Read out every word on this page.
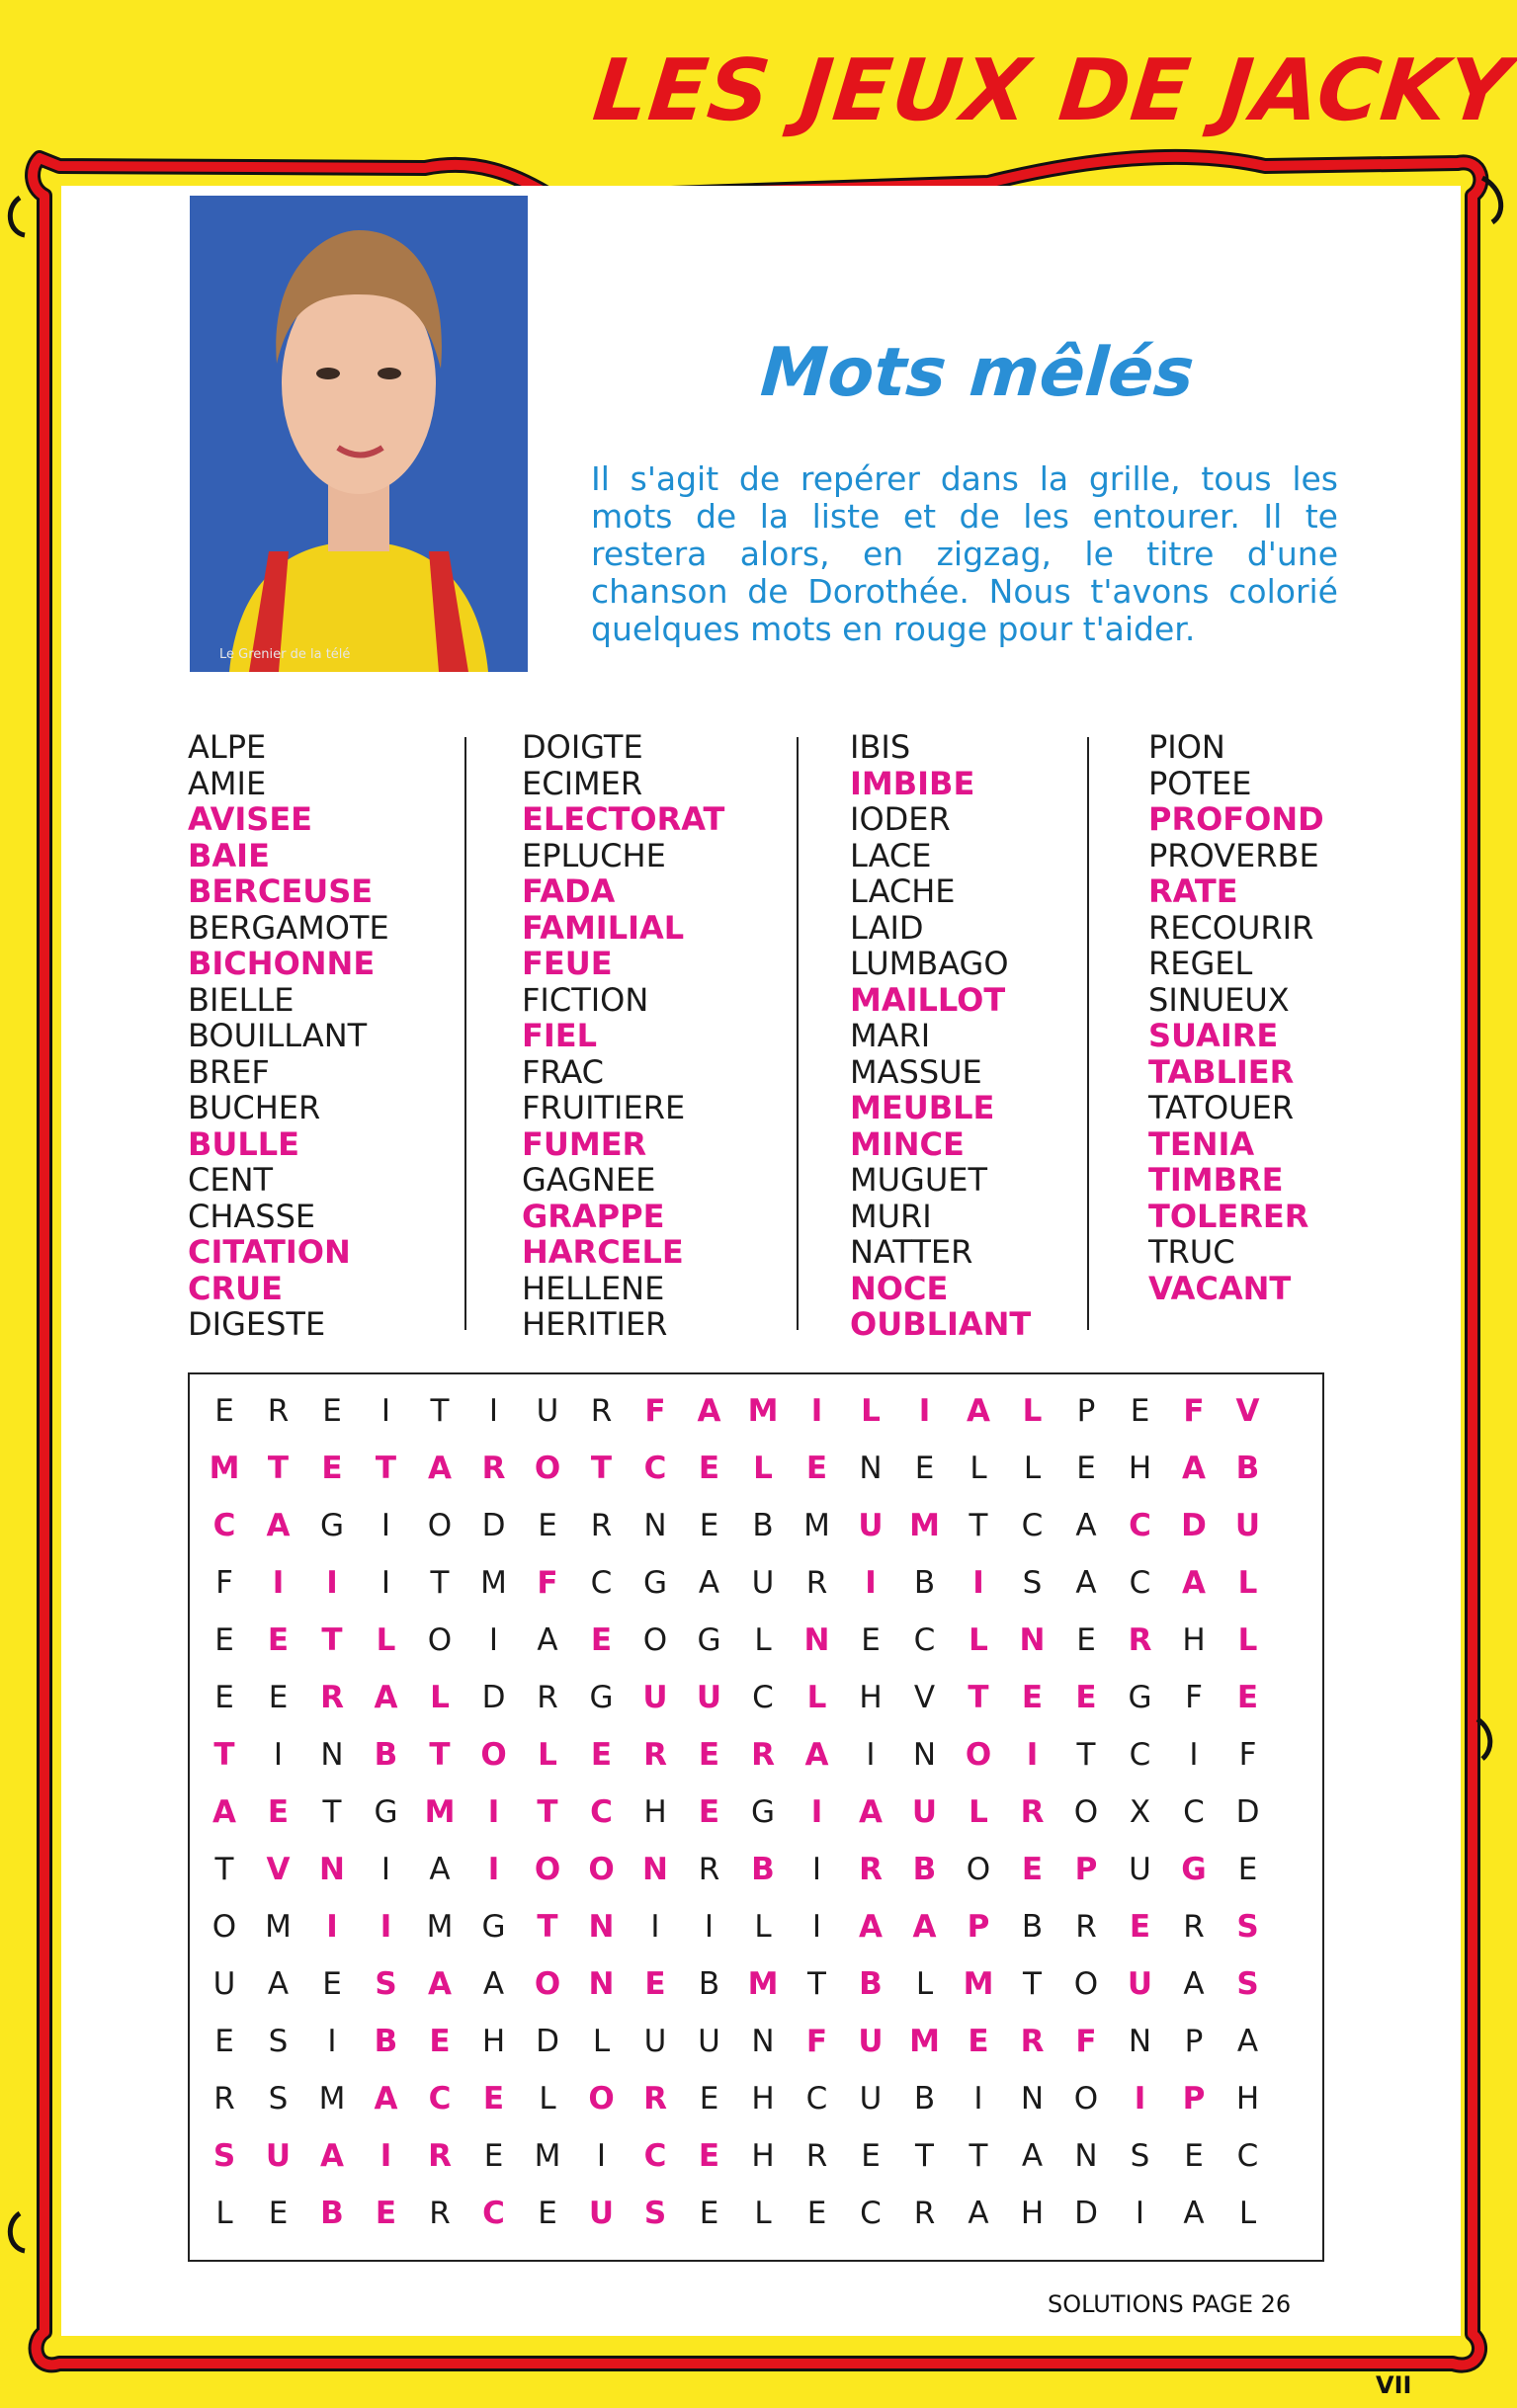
LES JEUX DE JACKY
Le Grenier de la télé
Mots mêlés
Il s'agit de repérer dans la grille, tous les mots de la liste et de les entourer. Il te restera alors, en zigzag, le titre d'une chanson de Dorothée. Nous t'avons colorié quelques mots en rouge pour t'aider.
ALPE
AMIE
AVISEE
BAIE
BERCEUSE
BERGAMOTE
BICHONNE
BIELLE
BOUILLANT
BREF
BUCHER
BULLE
CENT
CHASSE
CITATION
CRUE
DIGESTE
DOIGTE
ECIMER
ELECTORAT
EPLUCHE
FADA
FAMILIAL
FEUE
FICTION
FIEL
FRAC
FRUITIERE
FUMER
GAGNEE
GRAPPE
HARCELE
HELLENE
HERITIER
IBIS
IMBIBE
IODER
LACE
LACHE
LAID
LUMBAGO
MAILLOT
MARI
MASSUE
MEUBLE
MINCE
MUGUET
MURI
NATTER
NOCE
OUBLIANT
PION
POTEE
PROFOND
PROVERBE
RATE
RECOURIR
REGEL
SINUEUX
SUAIRE
TABLIER
TATOUER
TENIA
TIMBRE
TOLERER
TRUC
VACANT
E R E	I	T	I	U R F A M	I	L	I	A L	P	E F V
M T E T A R O T C E L E N E	L	L	E H A B
C A G	I	O D E R N E B M U M T	C A C D U
F	I	I	I	T	M F C G A U R	I	B	I	S A C A L
E E T L O	I	A E O G	L	N E C L N E R H L
E E R A L D R G U U C L H V T E E G	F	E
T	I	N B T O L E R E R A	I	N O	I	T	C	I	F
A E	T	G M	I	T C H E G	I	A U L R O X C D
T	V N	I	A	I	O O N R B	I	R B O E P U G E
O M	I	I	M G T N	I	I	L	I	A A P B R E R S
U A E S A A O N E B M T	B	L M T	O U A S
E S	I	B E H D	L	U U N F U M E R F N	P	A
R S M A C E	L	O R E H C U B	I	N O	I	P H
S U A	I	R E M	I	C E H R E	T	T	A N S E C
L	E B E R C E U S E	L	E C R A H D	I	A	L
SOLUTIONS PAGE 26
VII
